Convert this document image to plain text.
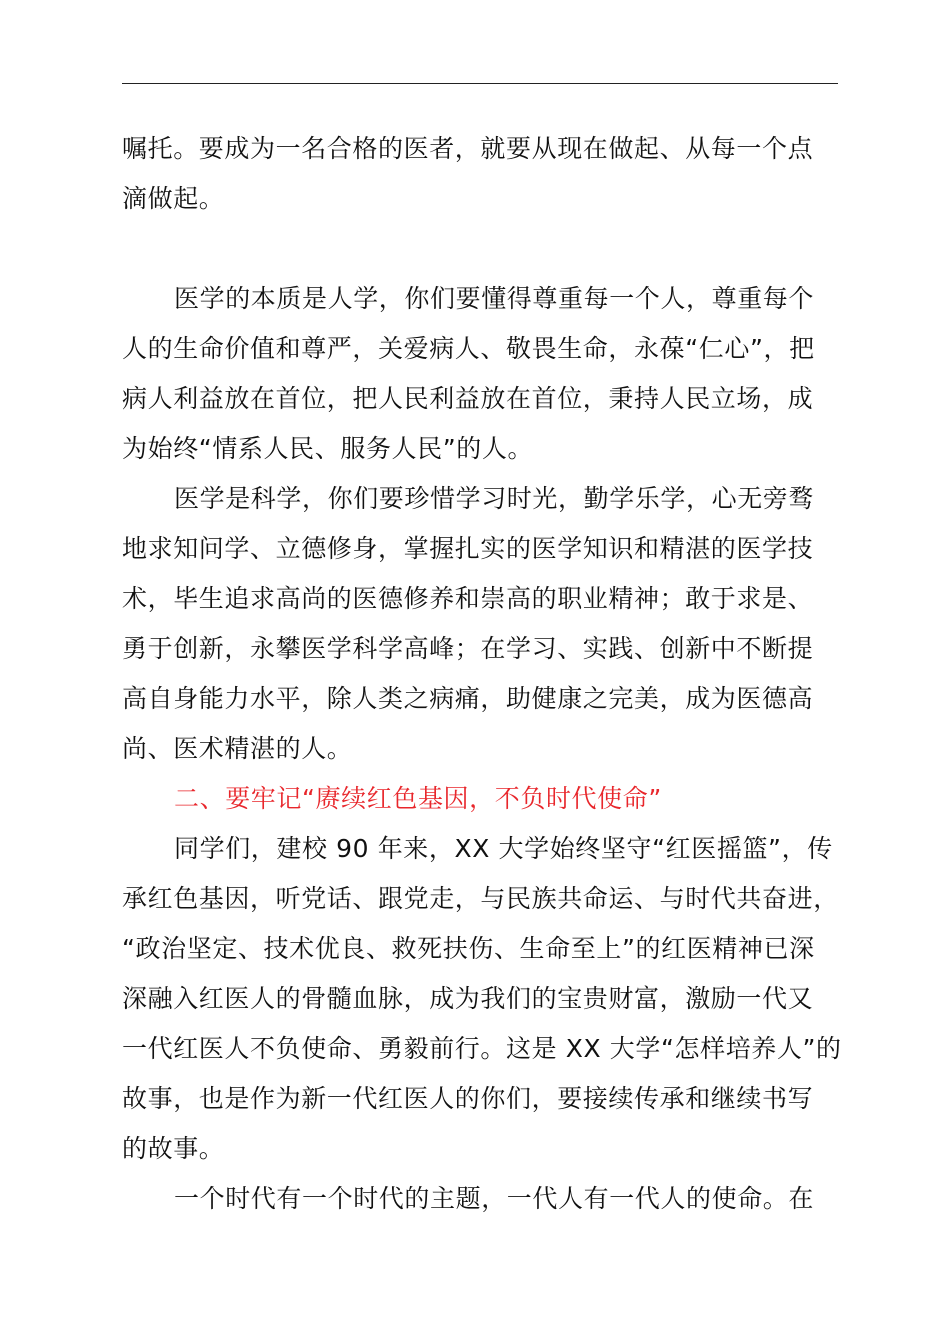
嘱托。要成为一名合格的医者，就要从现在做起、从每一个点
滴做起。
医学的本质是人学，你们要懂得尊重每一个人，尊重每个
人的生命价值和尊严，关爱病人、敬畏生命，永葆“仁心”，把
病人利益放在首位，把人民利益放在首位，秉持人民立场，成
为始终“情系人民、服务人民”的人。
医学是科学，你们要珍惜学习时光，勤学乐学，心无旁骛
地求知问学、立德修身，掌握扎实的医学知识和精湛的医学技
术，毕生追求高尚的医德修养和崇高的职业精神；敢于求是、
勇于创新，永攀医学科学高峰；在学习、实践、创新中不断提
高自身能力水平，除人类之病痛，助健康之完美，成为医德高
尚、医术精湛的人。
二、要牢记“赓续红色基因，不负时代使命”
同学们，建校 90 年来，XX 大学始终坚守“红医摇篮”，传
承红色基因，听党话、跟党走，与民族共命运、与时代共奋进，
“政治坚定、技术优良、救死扶伤、生命至上”的红医精神已深
深融入红医人的骨髓血脉，成为我们的宝贵财富，激励一代又
一代红医人不负使命、勇毅前行。这是 XX 大学“怎样培养人”的
故事，也是作为新一代红医人的你们，要接续传承和继续书写
的故事。
一个时代有一个时代的主题，一代人有一代人的使命。在
